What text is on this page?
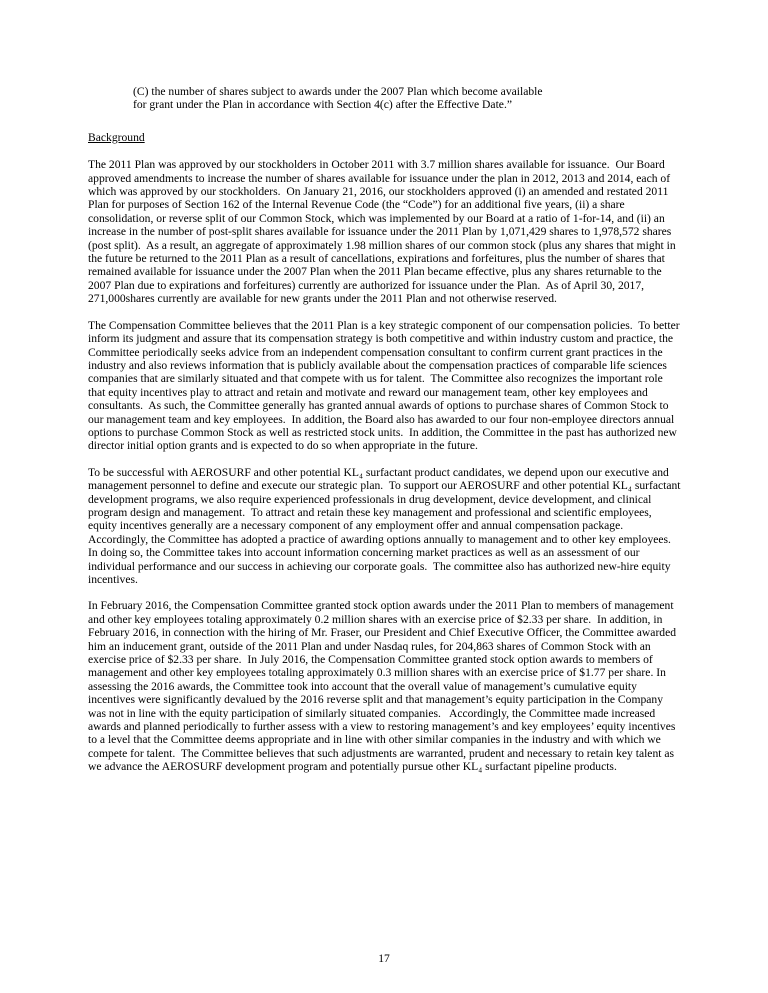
(C) the number of shares subject to awards under the 2007 Plan which become available
for grant under the Plan in accordance with Section 4(c) after the Effective Date.”
Background

The 2011 Plan was approved by our stockholders in October 2011 with 3.7 million shares available for issuance.  Our Board approved amendments to increase the number of shares available for issuance under the plan in 2012, 2013 and 2014, each of which was approved by our stockholders.  On January 21, 2016, our stockholders approved (i) an amended and restated 2011 Plan for purposes of Section 162 of the Internal Revenue Code (the “Code”) for an additional five years, (ii) a share consolidation, or reverse split of our Common Stock, which was implemented by our Board at a ratio of 1-for-14, and (ii) an increase in the number of post-split shares available for issuance under the 2011 Plan by 1,071,429 shares to 1,978,572 shares (post split).  As a result, an aggregate of approximately 1.98 million shares of our common stock (plus any shares that might in the future be returned to the 2011 Plan as a result of cancellations, expirations and forfeitures, plus the number of shares that remained available for issuance under the 2007 Plan when the 2011 Plan became effective, plus any shares returnable to the 2007 Plan due to expirations and forfeitures) currently are authorized for issuance under the Plan.  As of April 30, 2017, 271,000shares currently are available for new grants under the 2011 Plan and not otherwise reserved.

The Compensation Committee believes that the 2011 Plan is a key strategic component of our compensation policies.  To better inform its judgment and assure that its compensation strategy is both competitive and within industry custom and practice, the Committee periodically seeks advice from an independent compensation consultant to confirm current grant practices in the industry and also reviews information that is publicly available about the compensation practices of comparable life sciences companies that are similarly situated and that compete with us for talent.  The Committee also recognizes the important role that equity incentives play to attract and retain and motivate and reward our management team, other key employees and consultants.  As such, the Committee generally has granted annual awards of options to purchase shares of Common Stock to our management team and key employees.  In addition, the Board also has awarded to our four non-employee directors annual options to purchase Common Stock as well as restricted stock units.  In addition, the Committee in the past has authorized new director initial option grants and is expected to do so when appropriate in the future.

To be successful with AEROSURF and other potential KL₄ surfactant product candidates, we depend upon our executive and management personnel to define and execute our strategic plan.  To support our AEROSURF and other potential KL₄ surfactant development programs, we also require experienced professionals in drug development, device development, and clinical program design and management.  To attract and retain these key management and professional and scientific employees, equity incentives generally are a necessary component of any employment offer and annual compensation package.  Accordingly, the Committee has adopted a practice of awarding options annually to management and to other key employees.  In doing so, the Committee takes into account information concerning market practices as well as an assessment of our individual performance and our success in achieving our corporate goals.  The committee also has authorized new-hire equity incentives.

In February 2016, the Compensation Committee granted stock option awards under the 2011 Plan to members of management and other key employees totaling approximately 0.2 million shares with an exercise price of $2.33 per share.  In addition, in February 2016, in connection with the hiring of Mr. Fraser, our President and Chief Executive Officer, the Committee awarded him an inducement grant, outside of the 2011 Plan and under Nasdaq rules, for 204,863 shares of Common Stock with an exercise price of $2.33 per share.  In July 2016, the Compensation Committee granted stock option awards to members of management and other key employees totaling approximately 0.3 million shares with an exercise price of $1.77 per share. In assessing the 2016 awards, the Committee took into account that the overall value of management’s cumulative equity incentives were significantly devalued by the 2016 reverse split and that management’s equity participation in the Company was not in line with the equity participation of similarly situated companies.   Accordingly, the Committee made increased awards and planned periodically to further assess with a view to restoring management’s and key employees’ equity incentives to a level that the Committee deems appropriate and in line with other similar companies in the industry and with which we compete for talent.  The Committee believes that such adjustments are warranted, prudent and necessary to retain key talent as we advance the AEROSURF development program and potentially pursue other KL₄ surfactant pipeline products.

17
